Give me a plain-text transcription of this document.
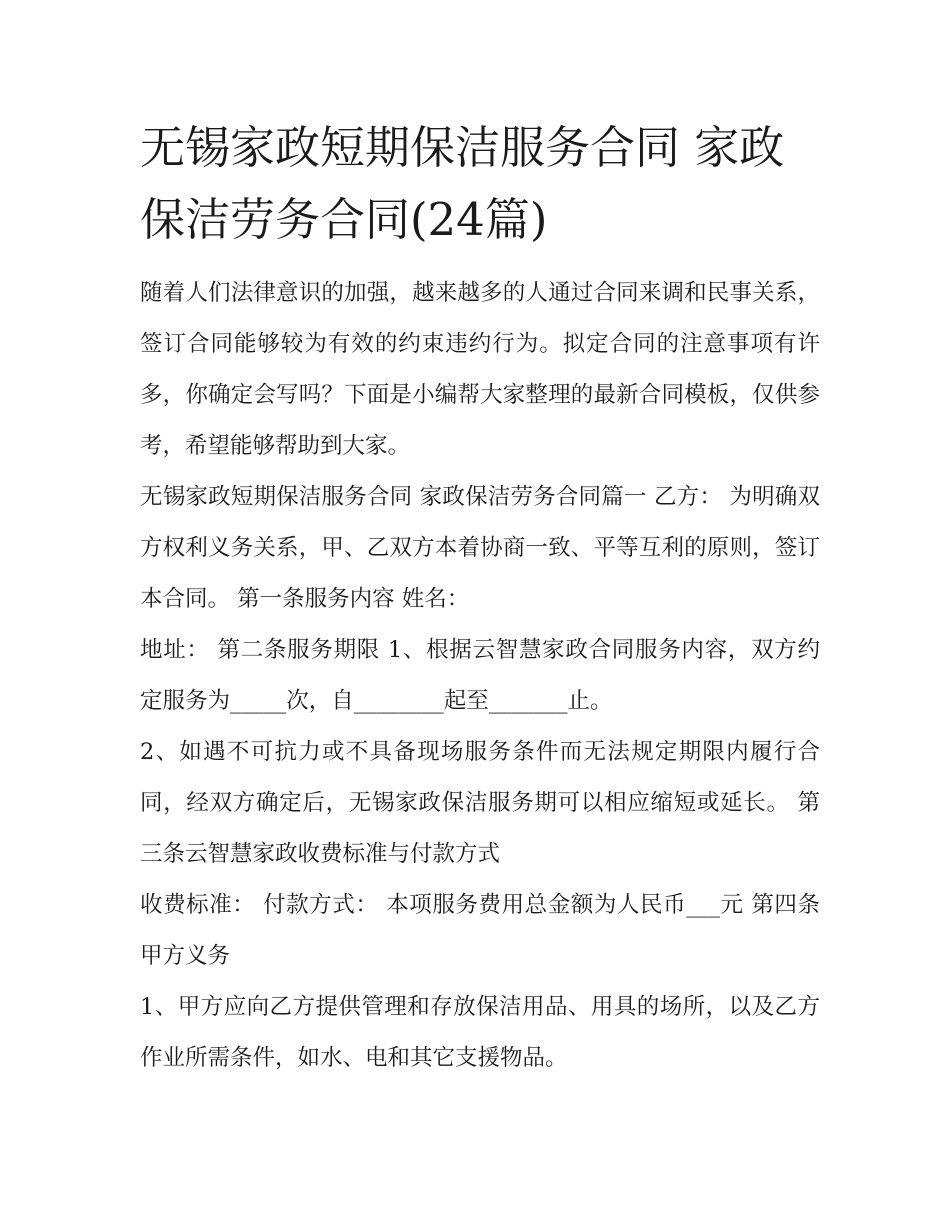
无锡家政短期保洁服务合同 家政保洁劳务合同(24篇)

随着人们法律意识的加强，越来越多的人通过合同来调和民事关系，签订合同能够较为有效的约束违约行为。拟定合同的注意事项有许多，你确定会写吗？下面是小编帮大家整理的最新合同模板，仅供参考，希望能够帮助到大家。

无锡家政短期保洁服务合同 家政保洁劳务合同篇一 乙方： 为明确双方权利义务关系，甲、乙双方本着协商一致、平等互利的原则，签订本合同。 第一条服务内容 姓名：

地址： 第二条服务期限 1、根据云智慧家政合同服务内容，双方约定服务为_____次，自________起至_______止。

2、如遇不可抗力或不具备现场服务条件而无法规定期限内履行合同，经双方确定后，无锡家政保洁服务期可以相应缩短或延长。 第三条云智慧家政收费标准与付款方式

收费标准： 付款方式： 本项服务费用总金额为人民币___元 第四条甲方义务

1、甲方应向乙方提供管理和存放保洁用品、用具的场所，以及乙方作业所需条件，如水、电和其它支援物品。
